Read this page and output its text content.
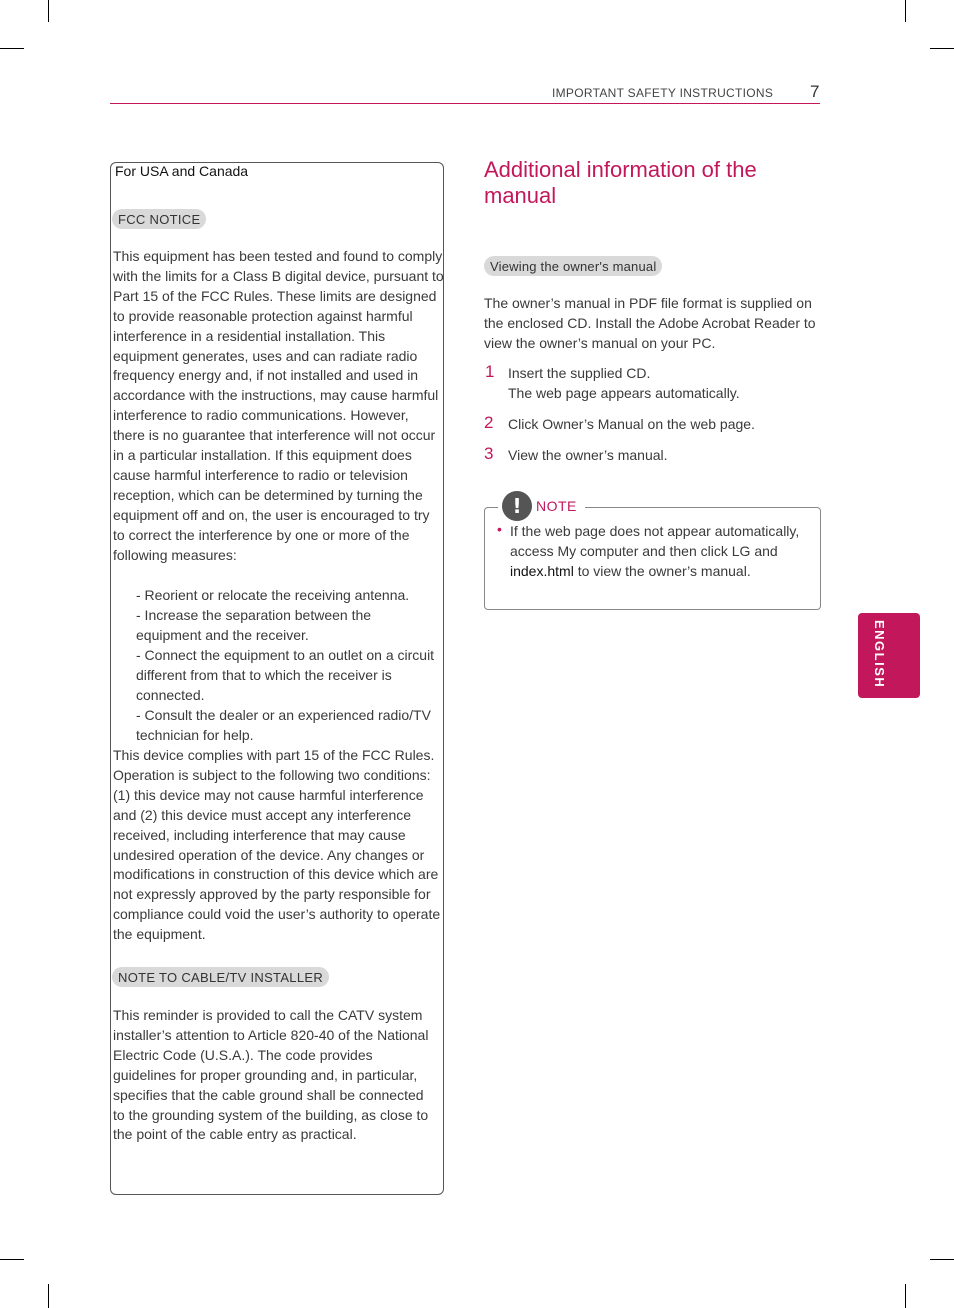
IMPORTANT SAFETY INSTRUCTIONS 7
For USA and Canada
FCC NOTICE

This equipment has been tested and found to comply with the limits for a Class B digital device, pursuant to Part 15 of the FCC Rules. These limits are designed to provide reasonable protection against harmful interference in a residential installation. This equipment generates, uses and can radiate radio frequency energy and, if not installed and used in accordance with the instructions, may cause harmful interference to radio communications. However, there is no guarantee that interference will not occur in a particular installation. If this equipment does cause harmful interference to radio or television reception, which can be determined by turning the equipment off and on, the user is encouraged to try to correct the interference by one or more of the following measures:

- Reorient or relocate the receiving antenna.

- Increase the separation between the equipment and the receiver.

- Connect the equipment to an outlet on a circuit different from that to which the receiver is connected.

- Consult the dealer or an experienced radio/TV technician for help.

This device complies with part 15 of the FCC Rules. Operation is subject to the following two conditions: (1) this device may not cause harmful interference and (2) this device must accept any interference received, including interference that may cause undesired operation of the device. Any changes or modifications in construction of this device which are not expressly approved by the party responsible for compliance could void the user’s authority to operate the equipment.

NOTE TO CABLE/TV INSTALLER

This reminder is provided to call the CATV system installer’s attention to Article 820-40 of the National Electric Code (U.S.A.). The code provides guidelines for proper grounding and, in particular, specifies that the cable ground shall be connected to the grounding system of the building, as close to the point of the cable entry as practical.

Additional information of the manual
Viewing the owner's manual

The owner’s manual in PDF file format is supplied on the enclosed CD. Install the Adobe Acrobat Reader to view the owner’s manual on your PC.

1 Insert the supplied CD.
The web page appears automatically.
2 Click Owner’s Manual on the web page.
3 View the owner’s manual.
!	NOTE
• If the web page does not appear automatically, access My computer and then click LG and index.html to view the owner’s manual.
ENGLISH
